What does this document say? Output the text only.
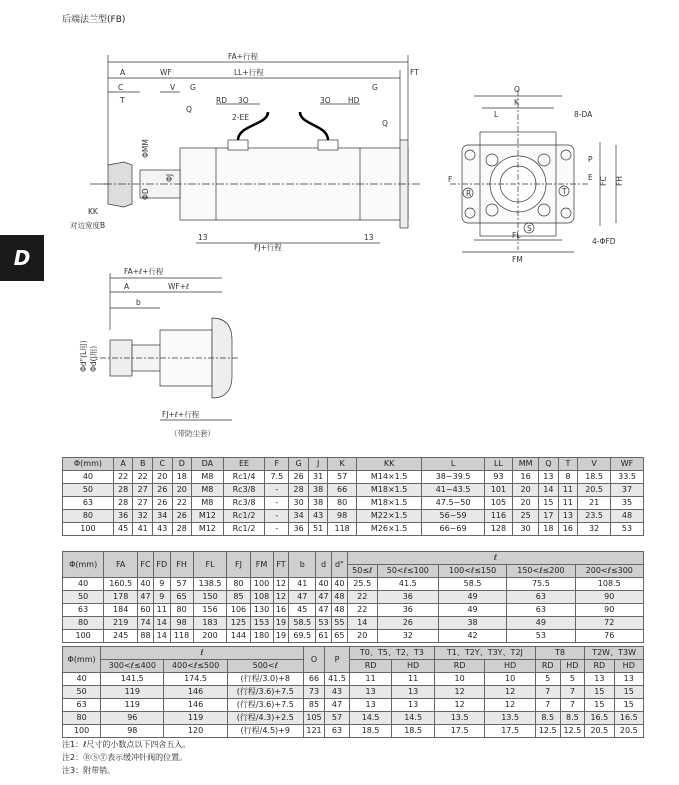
后端法兰型(FB)
D
FA+行程
A	WF	LL+行程	FT
C	V G	G
T	RD 3O	3O HD
Q
2-EE
Q
ΦMM
ΦJ
ΦD
KK
对边宽度B
13
FJ+行程
13
O
K
8-DA
L
P
E FC FH
F
R	T
S
FL
FM
4-ΦFD
FA+ℓ+行程
A	WF+ℓ
b
Φd"(L用) Φd(J用)
FJ+ℓ+行程
（带防尘套）
Φ(mm)	A	B	C	D	DA	EE	F	G	J	K	KK	L	LL	MM	Q	T	V	WF
40	22	22	20	18	M8	Rc1/4	7.5	26	31	57	M14×1.5	38~39.5	93	16	13	8	18.5	33.5
50	28	27	26	20	M8	Rc3/8	-	28	38	66	M18×1.5	41~43.5	101	20	14	11	20.5	37
63	28	27	26	22	M8	Rc3/8	-	30	38	80	M18×1.5	47.5~50	105	20	15	11	21	35
80	36	32	34	26	M12	Rc1/2	-	34	43	98	M22×1.5	56~59	116	25	17	13	23.5	48
100	45	41	43	28	M12	Rc1/2	-	36	51	118	M26×1.5	66~69	128	30	18	16	32	53
Φ(mm)	FA	FC	FD	FH	FL	FJ	FM	FT	b	d	d"	ℓ				
												50≤ℓ	50<ℓ≤100	100<ℓ≤150	150<ℓ≤200	200<ℓ≤300
40	160.5	40	9	57	138.5	80	100	12	41	40	40	25.5	41.5	58.5	75.5	108.5
50	178	47	9	65	150	85	108	12	47	47	48	22	36	49	63	90
63	184	60	11	80	156	106	130	16	45	47	48	22	36	49	63	90
80	219	74	14	98	183	125	153	19	58.5	53	55	14	26	38	49	72
100	245	88	14	118	200	144	180	19	69.5	61	65	20	32	42	53	76
Φ(mm)	ℓ			O	P	T0、T5、T2、T3		T1、T2Y、T3Y、T2J		T8		T2W、T3W	
	300<ℓ≤400	400<ℓ≤500	500<ℓ			RD	HD	RD	HD	RD	HD	RD	HD
40	141.5	174.5	(行程/3.0)+8	66	41.5	11	11	10	10	5	5	13	13
50	119	146	(行程/3.6)+7.5	73	43	13	13	12	12	7	7	15	15
63	119	146	(行程/3.6)+7.5	85	47	13	13	12	12	7	7	15	15
80	96	119	(行程/4.3)+2.5	105	57	14.5	14.5	13.5	13.5	8.5	8.5	16.5	16.5
100	98	120	(行程/4.5)+9	121	63	18.5	18.5	17.5	17.5	12.5	12.5	20.5	20.5
注1：ℓ尺寸的小数点以下四舍五入。
注2：ⓇⓈⓉ表示缓冲针阀的位置。
注3：附带销。
